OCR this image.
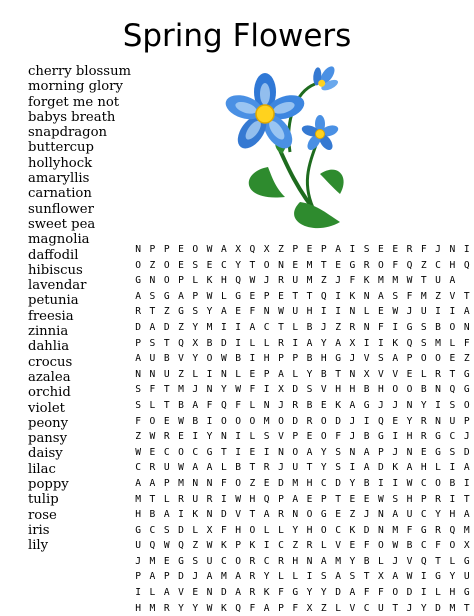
Spring Flowers
cherry blossum
morning glory
forget me not
babys breath
snapdragon
buttercup
hollyhock
amaryllis
carnation
sunflower
sweet pea
magnolia
daffodil
hibiscus
lavendar
petunia
freesia
zinnia
dahlia
crocus
azalea
orchid
violet
peony
pansy
daisy
lilac
poppy
tulip
rose
iris
lily
N	P	P	E	O	W	A	X	Q	X	Z	P	E	P	A	I	S	E	E	R	F	J	N	I
O	Z	O	E	S	E	C	Y	T	O	N	E	M	T	E	G	R	O	F	Q	Z	C	H	Q
G	N	O	P	L	K	H	Q	W	J	R	U	M	Z	J	F	K	M	M	W	T	U	A	
A	S	G	A	P	W	L	G	E	P	E	T	T	Q	I	K	N	A	S	F	M	Z	V	T
R	T	Z	G	S	Y	A	E	F	N	W	U	H	I	I	N	L	E	W	J	U	I	I	A
D	A	D	Z	Y	M	I	I	A	C	T	L	B	J	Z	R	N	F	I	G	S	B	O	N
P	S	T	Q	X	B	D	I	L	L	R	I	A	Y	A	X	I	I	K	Q	S	M	L	F
A	U	B	V	Y	O	W	B	I	H	P	P	B	H	G	J	V	S	A	P	O	O	E	Z
N	N	U	Z	L	I	N	L	E	P	A	L	Y	B	T	N	X	V	V	E	L	R	T	G
S	F	T	M	J	N	Y	W	F	I	X	D	S	V	H	H	B	H	O	O	B	N	Q	G
S	L	T	B	A	F	Q	F	L	N	J	R	B	E	K	A	G	J	J	N	Y	I	S	O
F	O	E	W	B	I	O	O	O	M	O	D	R	O	D	J	I	Q	E	Y	R	N	U	P
Z	W	R	E	I	Y	N	I	L	S	V	P	E	O	F	J	B	G	I	H	R	G	C	J
W	E	C	O	C	G	T	I	E	I	N	O	A	Y	S	N	A	P	J	N	E	G	S	D
C	R	U	W	A	A	L	B	T	R	J	U	T	Y	S	I	A	D	K	A	H	L	I	A
A	A	P	M	N	N	F	O	Z	E	D	M	H	C	D	Y	B	I	I	W	C	O	B	I
M	T	L	R	U	R	I	W	H	Q	P	A	E	P	T	E	E	W	S	H	P	R	I	T
H	B	A	I	K	N	D	V	T	A	R	N	O	G	E	Z	J	N	A	U	C	Y	H	A
G	C	S	D	L	X	F	H	O	L	L	Y	H	O	C	K	D	N	M	F	G	R	Q	M
U	Q	W	Q	Z	W	K	P	K	I	C	Z	R	L	V	E	F	O	W	B	C	F	O	X
J	M	E	G	S	U	C	O	R	C	R	H	N	A	M	Y	B	L	J	V	Q	T	L	G
P	A	P	D	J	A	M	A	R	Y	L	L	I	S	A	S	T	X	A	W	I	G	Y	U
I	L	A	V	E	N	D	A	R	K	F	G	Y	Y	D	A	F	F	O	D	I	L	H	G
H	M	R	Y	Y	W	K	Q	F	A	P	F	X	Z	L	V	C	U	T	J	Y	D	M	T
